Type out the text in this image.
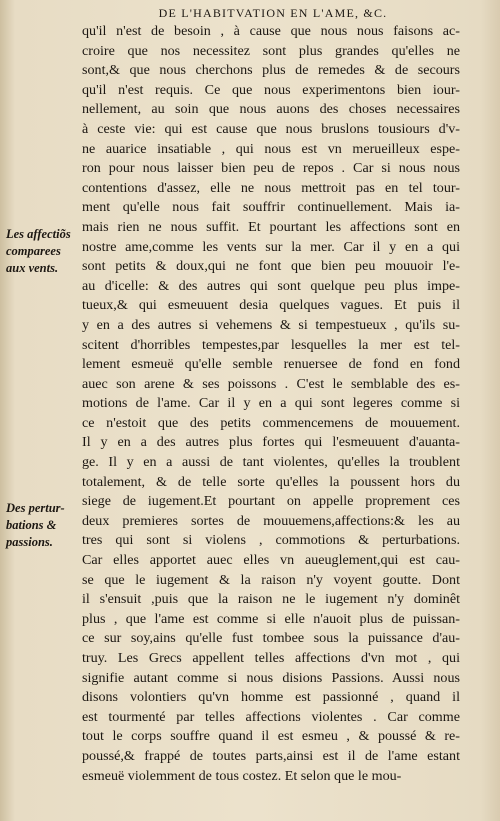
DE L'HABITVATION EN L'AME, &C.
Les affectiõs
comparees
aux vents.
Des pertur-
bations &
passions.
qu'il n'est de besoin , à cause que nous nous faisons ac-
croire que nos necessitez sont plus grandes qu'elles ne
sont,& que nous cherchons plus de remedes & de secours
qu'il n'est requis. Ce que nous experimentons bien iour-
nellement, au soin que nous auons des choses necessaires
à ceste vie: qui est cause que nous bruslons tousiours d'v-
ne auarice insatiable , qui nous est vn merueilleux espe-
ron pour nous laisser bien peu de repos . Car si nous nous
contentions d'assez, elle ne nous mettroit pas en tel tour-
ment qu'elle nous fait souffrir continuellement. Mais ia-
mais rien ne nous suffit. Et pourtant les affections sont en
nostre ame,comme les vents sur la mer. Car il y en a qui
sont petits & doux,qui ne font que bien peu mouuoir l'e-
au d'icelle: & des autres qui sont quelque peu plus impe-
tueux,& qui esmeuuent desia quelques vagues. Et puis il
y en a des autres si vehemens & si tempestueux , qu'ils su-
scitent d'horribles tempestes,par lesquelles la mer est tel-
lement esmeuë qu'elle semble renuersee de fond en fond
auec son arene & ses poissons . C'est le semblable des es-
motions de l'ame. Car il y en a qui sont legeres comme si
ce n'estoit que des petits commencemens de mouuement.
Il y en a des autres plus fortes qui l'esmeuuent d'auanta-
ge. Il y en a aussi de tant violentes, qu'elles la troublent
totalement, & de telle sorte qu'elles la poussent hors du
siege de iugement.Et pourtant on appelle proprement ces
deux premieres sortes de mouuemens,affections:& les au
tres qui sont si violens , commotions & perturbations.
Car elles apportet auec elles vn aueuglement,qui est cau-
se que le iugement & la raison n'y voyent goutte. Dont
il s'ensuit ,puis que la raison ne le iugement n'y dominêt
plus , que l'ame est comme si elle n'auoit plus de puissan-
ce sur soy,ains qu'elle fust tombee sous la puissance d'au-
truy. Les Grecs appellent telles affections d'vn mot , qui
signifie autant comme si nous disions Passions. Aussi nous
disons volontiers qu'vn homme est passionné , quand il
est tourmenté par telles affections violentes . Car comme
tout le corps souffre quand il est esmeu , & poussé & re-
poussé,& frappé de toutes parts,ainsi est il de l'ame estant
esmeuë violemment de tous costez. Et selon que le mou-
